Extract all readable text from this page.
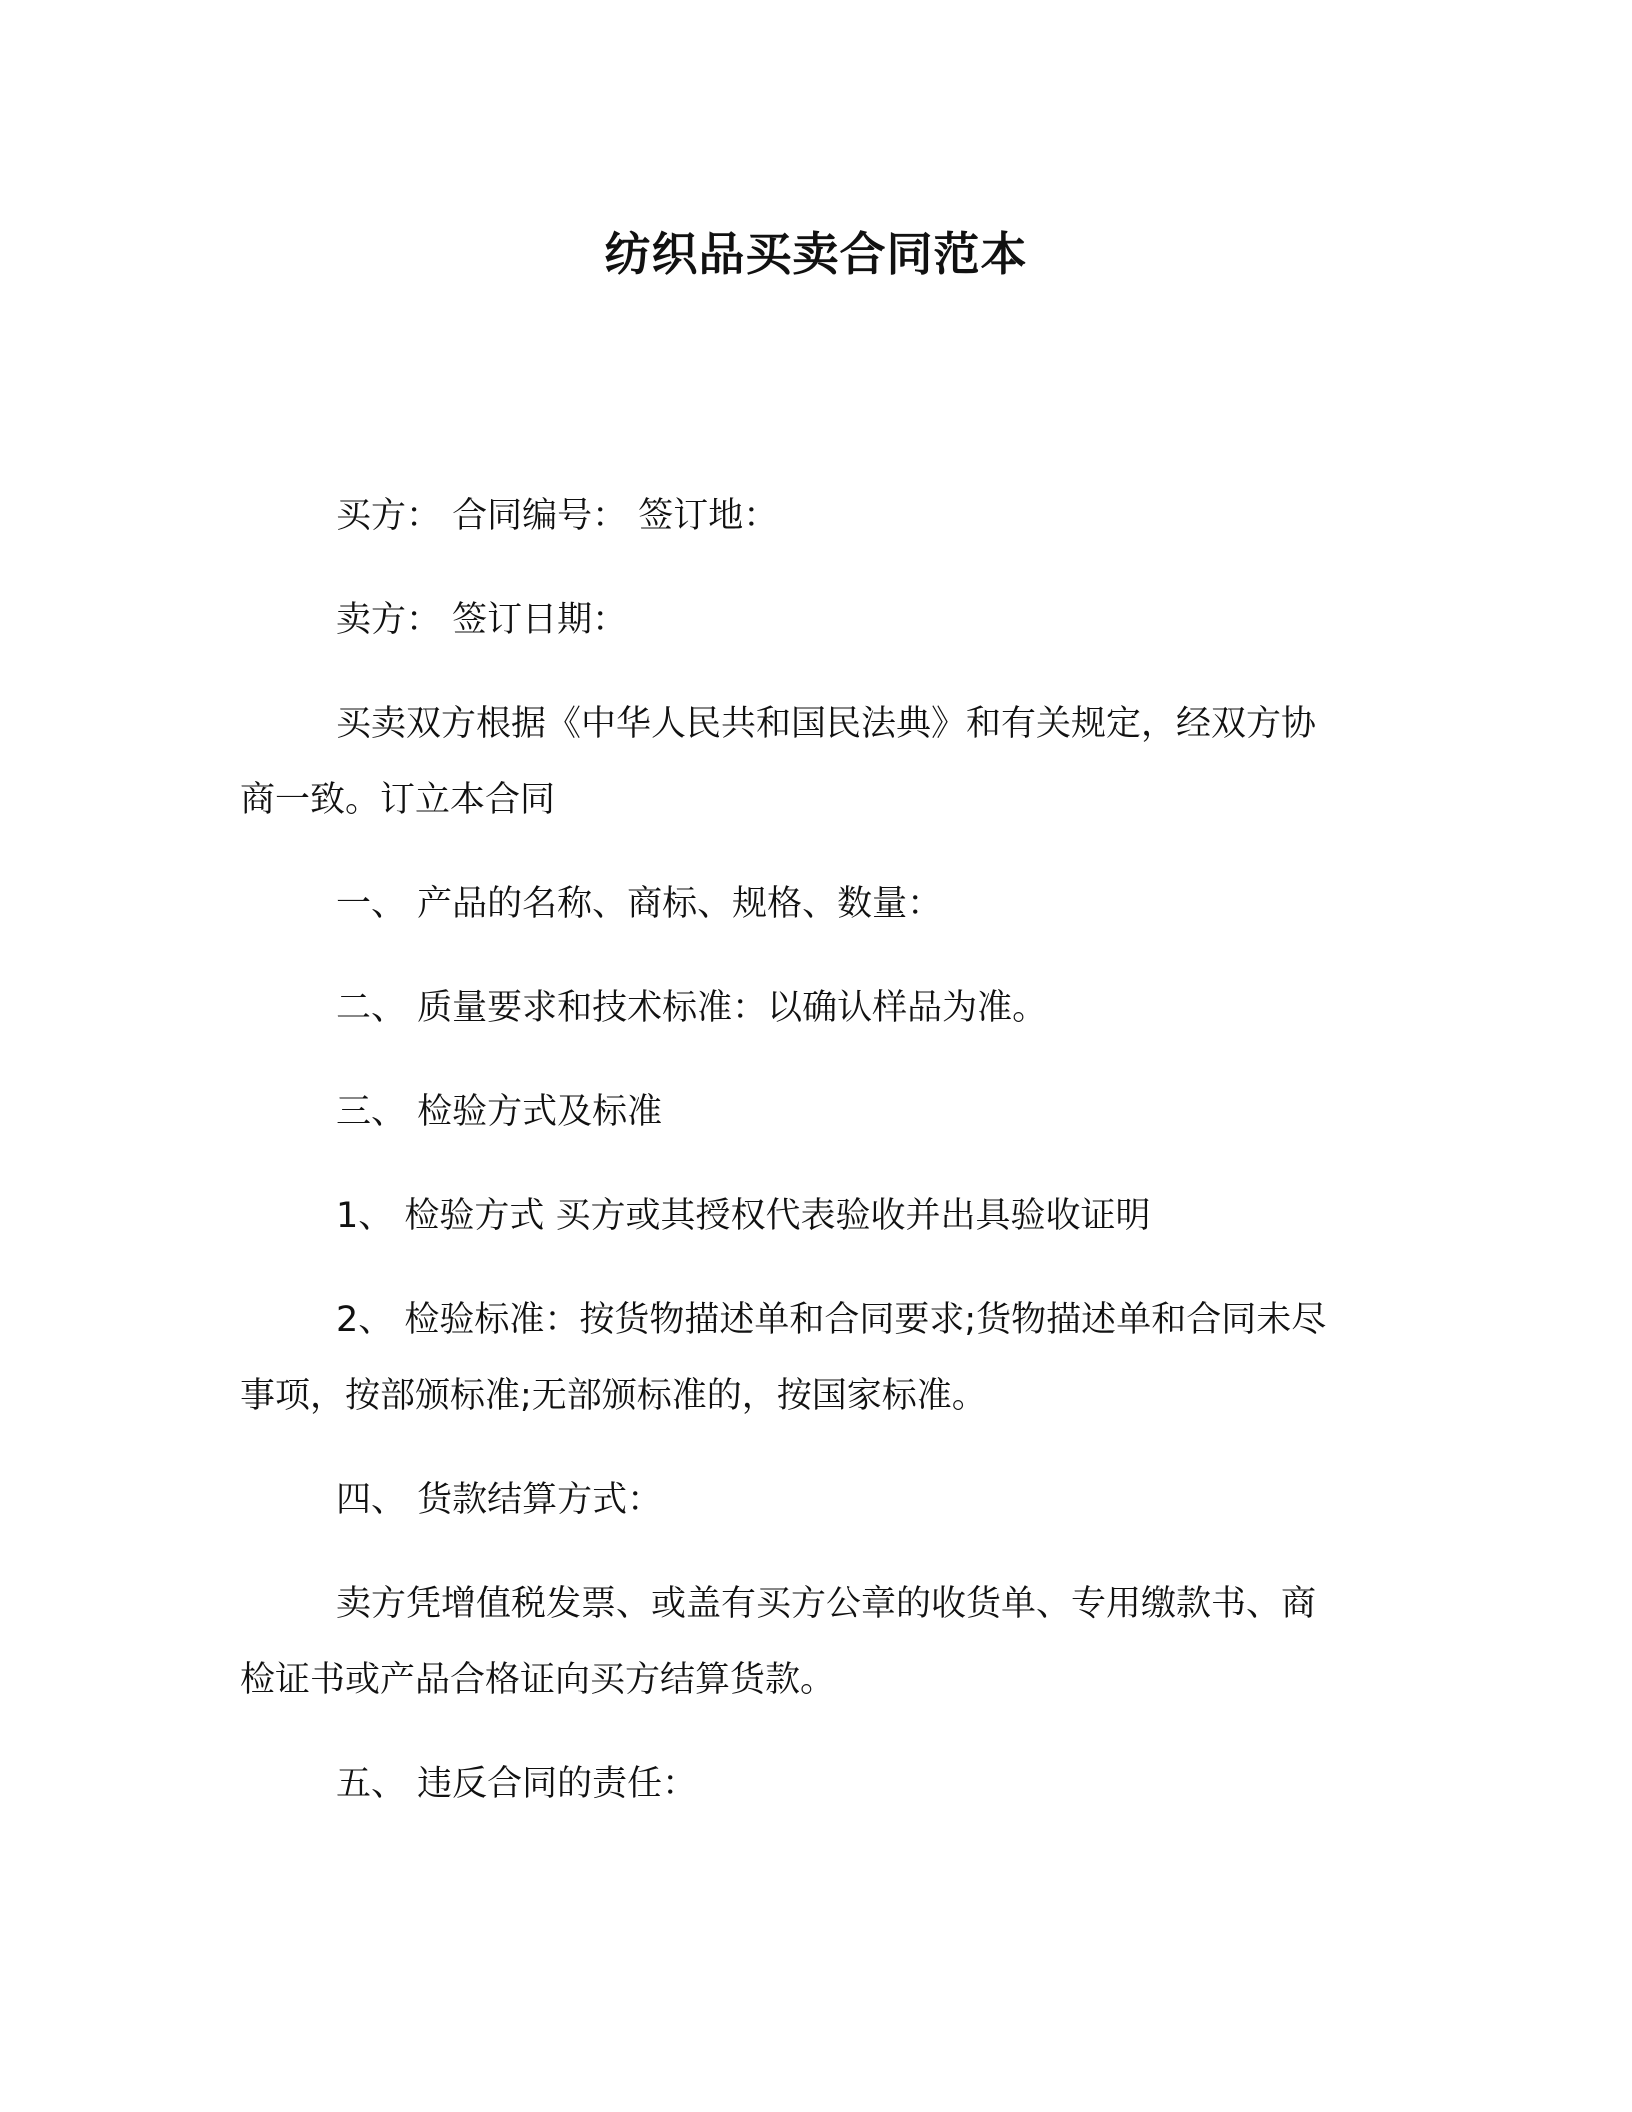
纺织品买卖合同范本

买方： 合同编号： 签订地：

卖方： 签订日期：

买卖双方根据《中华人民共和国民法典》和有关规定，经双方协

商一致。订立本合同

一、 产品的名称、商标、规格、数量：

二、 质量要求和技术标准：以确认样品为准。

三、 检验方式及标准

1、 检验方式 买方或其授权代表验收并出具验收证明

2、 检验标准：按货物描述单和合同要求;货物描述单和合同未尽

事项，按部颁标准;无部颁标准的，按国家标准。

四、 货款结算方式：

卖方凭增值税发票、或盖有买方公章的收货单、专用缴款书、商

检证书或产品合格证向买方结算货款。

五、 违反合同的责任：
